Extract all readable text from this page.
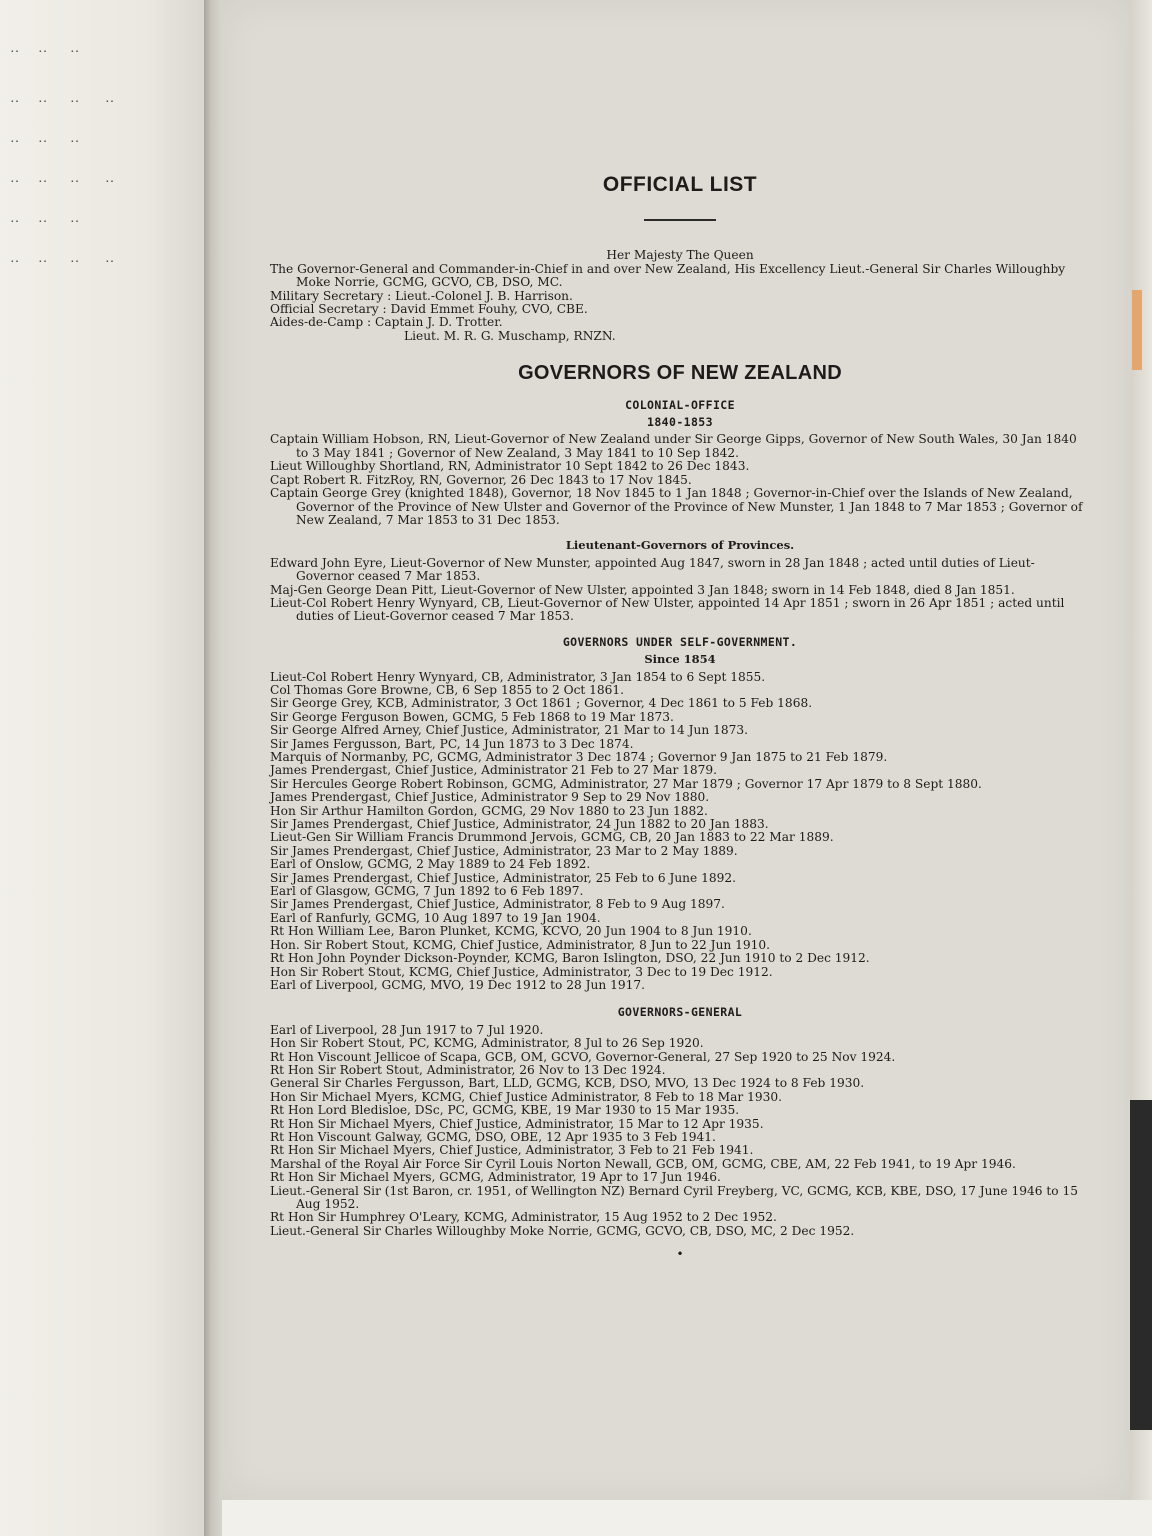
‥ ‥ ‥
‥ ‥ ‥ ‥
‥ ‥ ‥
‥ ‥ ‥ ‥
‥ ‥ ‥
‥ ‥ ‥ ‥
OFFICIAL LIST

Her Majesty The Queen

The Governor-General and Commander-in-Chief in and over New Zealand, His Excellency Lieut.-General Sir Charles Willoughby Moke Norrie, GCMG, GCVO, CB, DSO, MC.

Military Secretary : Lieut.-Colonel J. B. Harrison.

Official Secretary : David Emmet Fouhy, CVO, CBE.

Aides-de-Camp : Captain J. D. Trotter.

Lieut. M. R. G. Muschamp, RNZN.

GOVERNORS OF NEW ZEALAND
COLONIAL-OFFICE
1840-1853

Captain William Hobson, RN, Lieut-Governor of New Zealand under Sir George Gipps, Governor of New South Wales, 30 Jan 1840 to 3 May 1841 ; Governor of New Zealand, 3 May 1841 to 10 Sep 1842.

Lieut Willoughby Shortland, RN, Administrator 10 Sept 1842 to 26 Dec 1843.

Capt Robert R. FitzRoy, RN, Governor, 26 Dec 1843 to 17 Nov 1845.

Captain George Grey (knighted 1848), Governor, 18 Nov 1845 to 1 Jan 1848 ; Governor-in-Chief over the Islands of New Zealand, Governor of the Province of New Ulster and Governor of the Province of New Munster, 1 Jan 1848 to 7 Mar 1853 ; Governor of New Zealand, 7 Mar 1853 to 31 Dec 1853.

Lieutenant-Governors of Provinces.

Edward John Eyre, Lieut-Governor of New Munster, appointed Aug 1847, sworn in 28 Jan 1848 ; acted until duties of Lieut-Governor ceased 7 Mar 1853.

Maj-Gen George Dean Pitt, Lieut-Governor of New Ulster, appointed 3 Jan 1848; sworn in 14 Feb 1848, died 8 Jan 1851.

Lieut-Col Robert Henry Wynyard, CB, Lieut-Governor of New Ulster, appointed 14 Apr 1851 ; sworn in 26 Apr 1851 ; acted until duties of Lieut-Governor ceased 7 Mar 1853.

GOVERNORS UNDER SELF-GOVERNMENT.
Since 1854

Lieut-Col Robert Henry Wynyard, CB, Administrator, 3 Jan 1854 to 6 Sept 1855.

Col Thomas Gore Browne, CB, 6 Sep 1855 to 2 Oct 1861.

Sir George Grey, KCB, Administrator, 3 Oct 1861 ; Governor, 4 Dec 1861 to 5 Feb 1868.

Sir George Ferguson Bowen, GCMG, 5 Feb 1868 to 19 Mar 1873.

Sir George Alfred Arney, Chief Justice, Administrator, 21 Mar to 14 Jun 1873.

Sir James Fergusson, Bart, PC, 14 Jun 1873 to 3 Dec 1874.

Marquis of Normanby, PC, GCMG, Administrator 3 Dec 1874 ; Governor 9 Jan 1875 to 21 Feb 1879.

James Prendergast, Chief Justice, Administrator 21 Feb to 27 Mar 1879.

Sir Hercules George Robert Robinson, GCMG, Administrator, 27 Mar 1879 ; Governor 17 Apr 1879 to 8 Sept 1880.

James Prendergast, Chief Justice, Administrator 9 Sep to 29 Nov 1880.

Hon Sir Arthur Hamilton Gordon, GCMG, 29 Nov 1880 to 23 Jun 1882.

Sir James Prendergast, Chief Justice, Administrator, 24 Jun 1882 to 20 Jan 1883.

Lieut-Gen Sir William Francis Drummond Jervois, GCMG, CB, 20 Jan 1883 to 22 Mar 1889.

Sir James Prendergast, Chief Justice, Administrator, 23 Mar to 2 May 1889.

Earl of Onslow, GCMG, 2 May 1889 to 24 Feb 1892.

Sir James Prendergast, Chief Justice, Administrator, 25 Feb to 6 June 1892.

Earl of Glasgow, GCMG, 7 Jun 1892 to 6 Feb 1897.

Sir James Prendergast, Chief Justice, Administrator, 8 Feb to 9 Aug 1897.

Earl of Ranfurly, GCMG, 10 Aug 1897 to 19 Jan 1904.

Rt Hon William Lee, Baron Plunket, KCMG, KCVO, 20 Jun 1904 to 8 Jun 1910.

Hon. Sir Robert Stout, KCMG, Chief Justice, Administrator, 8 Jun to 22 Jun 1910.

Rt Hon John Poynder Dickson-Poynder, KCMG, Baron Islington, DSO, 22 Jun 1910 to 2 Dec 1912.

Hon Sir Robert Stout, KCMG, Chief Justice, Administrator, 3 Dec to 19 Dec 1912.

Earl of Liverpool, GCMG, MVO, 19 Dec 1912 to 28 Jun 1917.

GOVERNORS-GENERAL

Earl of Liverpool, 28 Jun 1917 to 7 Jul 1920.

Hon Sir Robert Stout, PC, KCMG, Administrator, 8 Jul to 26 Sep 1920.

Rt Hon Viscount Jellicoe of Scapa, GCB, OM, GCVO, Governor-General, 27 Sep 1920 to 25 Nov 1924.

Rt Hon Sir Robert Stout, Administrator, 26 Nov to 13 Dec 1924.

General Sir Charles Fergusson, Bart, LLD, GCMG, KCB, DSO, MVO, 13 Dec 1924 to 8 Feb 1930.

Hon Sir Michael Myers, KCMG, Chief Justice Administrator, 8 Feb to 18 Mar 1930.

Rt Hon Lord Bledisloe, DSc, PC, GCMG, KBE, 19 Mar 1930 to 15 Mar 1935.

Rt Hon Sir Michael Myers, Chief Justice, Administrator, 15 Mar to 12 Apr 1935.

Rt Hon Viscount Galway, GCMG, DSO, OBE, 12 Apr 1935 to 3 Feb 1941.

Rt Hon Sir Michael Myers, Chief Justice, Administrator, 3 Feb to 21 Feb 1941.

Marshal of the Royal Air Force Sir Cyril Louis Norton Newall, GCB, OM, GCMG, CBE, AM, 22 Feb 1941, to 19 Apr 1946.

Rt Hon Sir Michael Myers, GCMG, Administrator, 19 Apr to 17 Jun 1946.

Lieut.-General Sir (1st Baron, cr. 1951, of Wellington NZ) Bernard Cyril Freyberg, VC, GCMG, KCB, KBE, DSO, 17 June 1946 to 15 Aug 1952.

Rt Hon Sir Humphrey O'Leary, KCMG, Administrator, 15 Aug 1952 to 2 Dec 1952.

Lieut.-General Sir Charles Willoughby Moke Norrie, GCMG, GCVO, CB, DSO, MC, 2 Dec 1952.

•
